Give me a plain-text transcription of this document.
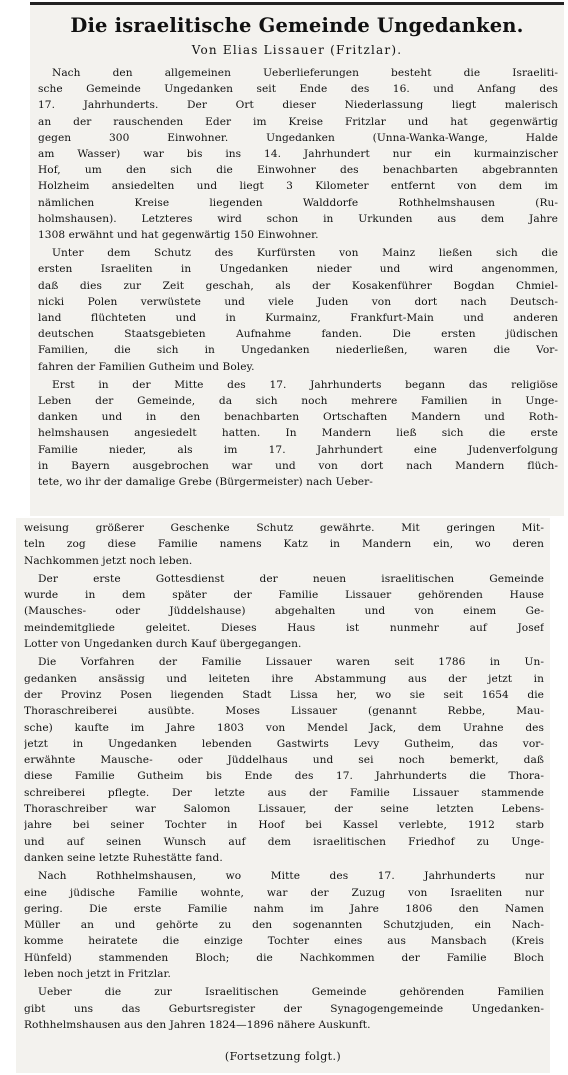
Die israelitische Gemeinde Ungedanken.
Von Elias Lissauer (Fritzlar).
Nach den allgemeinen Ueberlieferungen besteht die Israeliti-
sche Gemeinde Ungedanken seit Ende des 16. und Anfang des
17. Jahrhunderts. Der Ort dieser Niederlassung liegt malerisch
an der rauschenden Eder im Kreise Fritzlar und hat gegenwärtig
gegen 300 Einwohner. Ungedanken (Unna-Wanka-Wange, Halde
am Wasser) war bis ins 14. Jahrhundert nur ein kurmainzischer
Hof, um den sich die Einwohner des benachbarten abgebrannten
Holzheim ansiedelten und liegt 3 Kilometer entfernt von dem im
nämlichen Kreise liegenden Walddorfe Rothhelmshausen (Ru-
holmshausen). Letzteres wird schon in Urkunden aus dem Jahre
1308 erwähnt und hat gegenwärtig 150 Einwohner.
Unter dem Schutz des Kurfürsten von Mainz ließen sich die
ersten Israeliten in Ungedanken nieder und wird angenommen,
daß dies zur Zeit geschah, als der Kosakenführer Bogdan Chmiel-
nicki Polen verwüstete und viele Juden von dort nach Deutsch-
land flüchteten und in Kurmainz, Frankfurt-Main und anderen
deutschen Staatsgebieten Aufnahme fanden. Die ersten jüdischen
Familien, die sich in Ungedanken niederließen, waren die Vor-
fahren der Familien Gutheim und Boley.
Erst in der Mitte des 17. Jahrhunderts begann das religiöse
Leben der Gemeinde, da sich noch mehrere Familien in Unge-
danken und in den benachbarten Ortschaften Mandern und Roth-
helmshausen angesiedelt hatten. In Mandern ließ sich die erste
Familie nieder, als im 17. Jahrhundert eine Judenverfolgung
in Bayern ausgebrochen war und von dort nach Mandern flüch-
tete, wo ihr der damalige Grebe (Bürgermeister) nach Ueber-
weisung größerer Geschenke Schutz gewährte. Mit geringen Mit-
teln zog diese Familie namens Katz in Mandern ein, wo deren
Nachkommen jetzt noch leben.
Der erste Gottesdienst der neuen israelitischen Gemeinde
wurde in dem später der Familie Lissauer gehörenden Hause
(Mausches- oder Jüddelshause) abgehalten und von einem Ge-
meindemitgliede geleitet. Dieses Haus ist nunmehr auf Josef
Lotter von Ungedanken durch Kauf übergegangen.
Die Vorfahren der Familie Lissauer waren seit 1786 in Un-
gedanken ansässig und leiteten ihre Abstammung aus der jetzt in
der Provinz Posen liegenden Stadt Lissa her, wo sie seit 1654 die
Thoraschreiberei ausübte. Moses Lissauer (genannt Rebbe, Mau-
sche) kaufte im Jahre 1803 von Mendel Jack, dem Urahne des
jetzt in Ungedanken lebenden Gastwirts Levy Gutheim, das vor-
erwähnte Mausche- oder Jüddelhaus und sei noch bemerkt, daß
diese Familie Gutheim bis Ende des 17. Jahrhunderts die Thora-
schreiberei pflegte. Der letzte aus der Familie Lissauer stammende
Thoraschreiber war Salomon Lissauer, der seine letzten Lebens-
jahre bei seiner Tochter in Hoof bei Kassel verlebte, 1912 starb
und auf seinen Wunsch auf dem israelitischen Friedhof zu Unge-
danken seine letzte Ruhestätte fand.
Nach Rothhelmshausen, wo Mitte des 17. Jahrhunderts nur
eine jüdische Familie wohnte, war der Zuzug von Israeliten nur
gering. Die erste Familie nahm im Jahre 1806 den Namen
Müller an und gehörte zu den sogenannten Schutzjuden, ein Nach-
komme heiratete die einzige Tochter eines aus Mansbach (Kreis
Hünfeld) stammenden Bloch; die Nachkommen der Familie Bloch
leben noch jetzt in Fritzlar.
Ueber die zur Israelitischen Gemeinde gehörenden Familien
gibt uns das Geburtsregister der Synagogengemeinde Ungedanken-
Rothhelmshausen aus den Jahren 1824—1896 nähere Auskunft.
(Fortsetzung folgt.)
